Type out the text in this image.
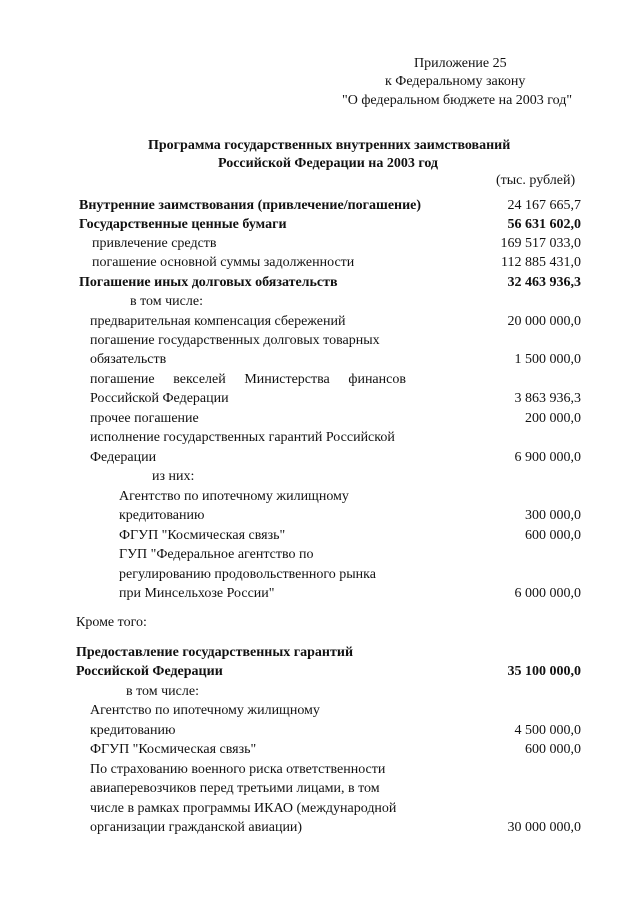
Приложение 25
к Федеральному закону
"О федеральном бюджете на 2003 год"
Программа государственных внутренних заимствований
Российской Федерации на 2003 год
(тыс. рублей)
Внутренние заимствования (привлечение/погашение)	24 167 665,7
Государственные ценные бумаги	56 631 602,0
привлечение средств	169 517 033,0
погашение основной суммы задолженности	112 885 431,0
Погашение иных долговых обязательств	32 463 936,3
в том числе:
предварительная компенсация сбережений	20 000 000,0
погашение государственных долговых товарных
обязательств	1 500 000,0
погашение векселей Министерства финансов
Российской Федерации	3 863 936,3
прочее погашение	200 000,0
исполнение государственных гарантий Российской
Федерации	6 900 000,0
из них:
Агентство по ипотечному жилищному
кредитованию	300 000,0
ФГУП "Космическая связь"	600 000,0
ГУП "Федеральное агентство по
регулированию продовольственного рынка
при Минсельхозе России"	6 000 000,0
Кроме того:
Предоставление государственных гарантий
Российской Федерации	35 100 000,0
в том числе:
Агентство по ипотечному жилищному
кредитованию	4 500 000,0
ФГУП "Космическая связь"	600 000,0
По страхованию военного риска ответственности
авиаперевозчиков перед третьими лицами, в том
числе в рамках программы ИКАО (международной
организации гражданской авиации)	30 000 000,0
